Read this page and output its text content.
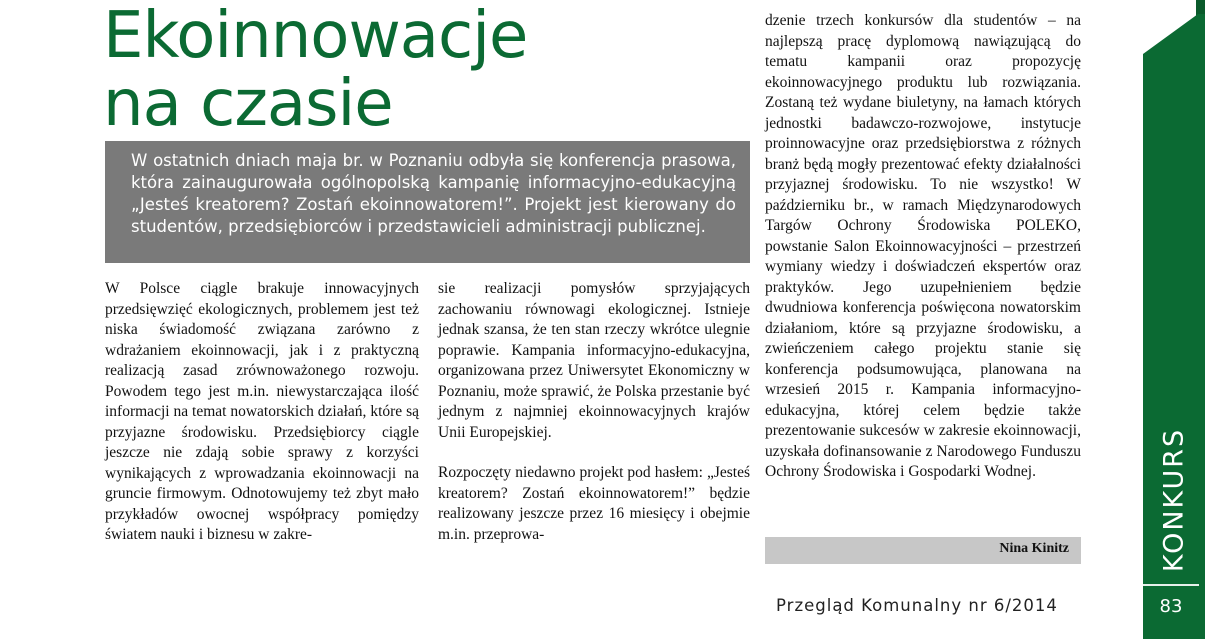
Ekoinnowacje
na czasie
W ostatnich dniach maja br. w Poznaniu odbyła się konferencja prasowa, która zainaugurowała ogólnopolską kampanię informacyjno-edukacyjną „Jesteś kreatorem? Zostań ekoinnowatorem!”. Projekt jest kierowany do studentów, przedsiębiorców i przedstawicieli administracji publicznej.

W Polsce ciągle brakuje innowacyjnych przedsięwzięć ekologicznych, problemem jest też niska świadomość związana zarówno z wdrażaniem ekoinnowacji, jak i z praktyczną realizacją zasad zrównoważonego rozwoju. Powodem tego jest m.in. niewystarczająca ilość informacji na temat nowatorskich działań, które są przyjazne środowisku. Przedsiębiorcy ciągle jeszcze nie zdają sobie sprawy z korzyści wynikających z wprowadzania ekoinnowacji na gruncie firmowym. Odnotowujemy też zbyt mało przykładów owocnej współpracy pomiędzy światem nauki i biznesu w zakre-

sie realizacji pomysłów sprzyjających zachowaniu równowagi ekologicznej. Istnieje jednak szansa, że ten stan rzeczy wkrótce ulegnie poprawie. Kampania informacyjno-edukacyjna, organizowana przez Uniwersytet Ekonomiczny w Poznaniu, może sprawić, że Polska przestanie być jednym z najmniej ekoinnowacyjnych krajów Unii Europejskiej.

Rozpoczęty niedawno projekt pod hasłem: „Jesteś kreatorem? Zostań ekoinnowatorem!” będzie realizowany jeszcze przez 16 miesięcy i obejmie m.in. przeprowa-

dzenie trzech konkursów dla studentów – na najlepszą pracę dyplomową nawiązującą do tematu kampanii oraz propozycję ekoinnowacyjnego produktu lub rozwiązania. Zostaną też wydane biuletyny, na łamach których jednostki badawczo-rozwojowe, instytucje proinnowacyjne oraz przedsiębiorstwa z różnych branż będą mogły prezentować efekty działalności przyjaznej środowisku. To nie wszystko! W październiku br., w ramach Międzynarodowych Targów Ochrony Środowiska POLEKO, powstanie Salon Ekoinnowacyjności – przestrzeń wymiany wiedzy i doświadczeń ekspertów oraz praktyków. Jego uzupełnieniem będzie dwudniowa konferencja poświęcona nowatorskim działaniom, które są przyjazne środowisku, a zwieńczeniem całego projektu stanie się konferencja podsumowująca, planowana na wrzesień 2015 r. Kampania informacyjno-edukacyjna, której celem będzie także prezentowanie sukcesów w zakresie ekoinnowacji, uzyskała dofinansowanie z Narodowego Funduszu Ochrony Środowiska i Gospodarki Wodnej.

Nina Kinitz
Przegląd Komunalny nr 6/2014
KONKURS
83
